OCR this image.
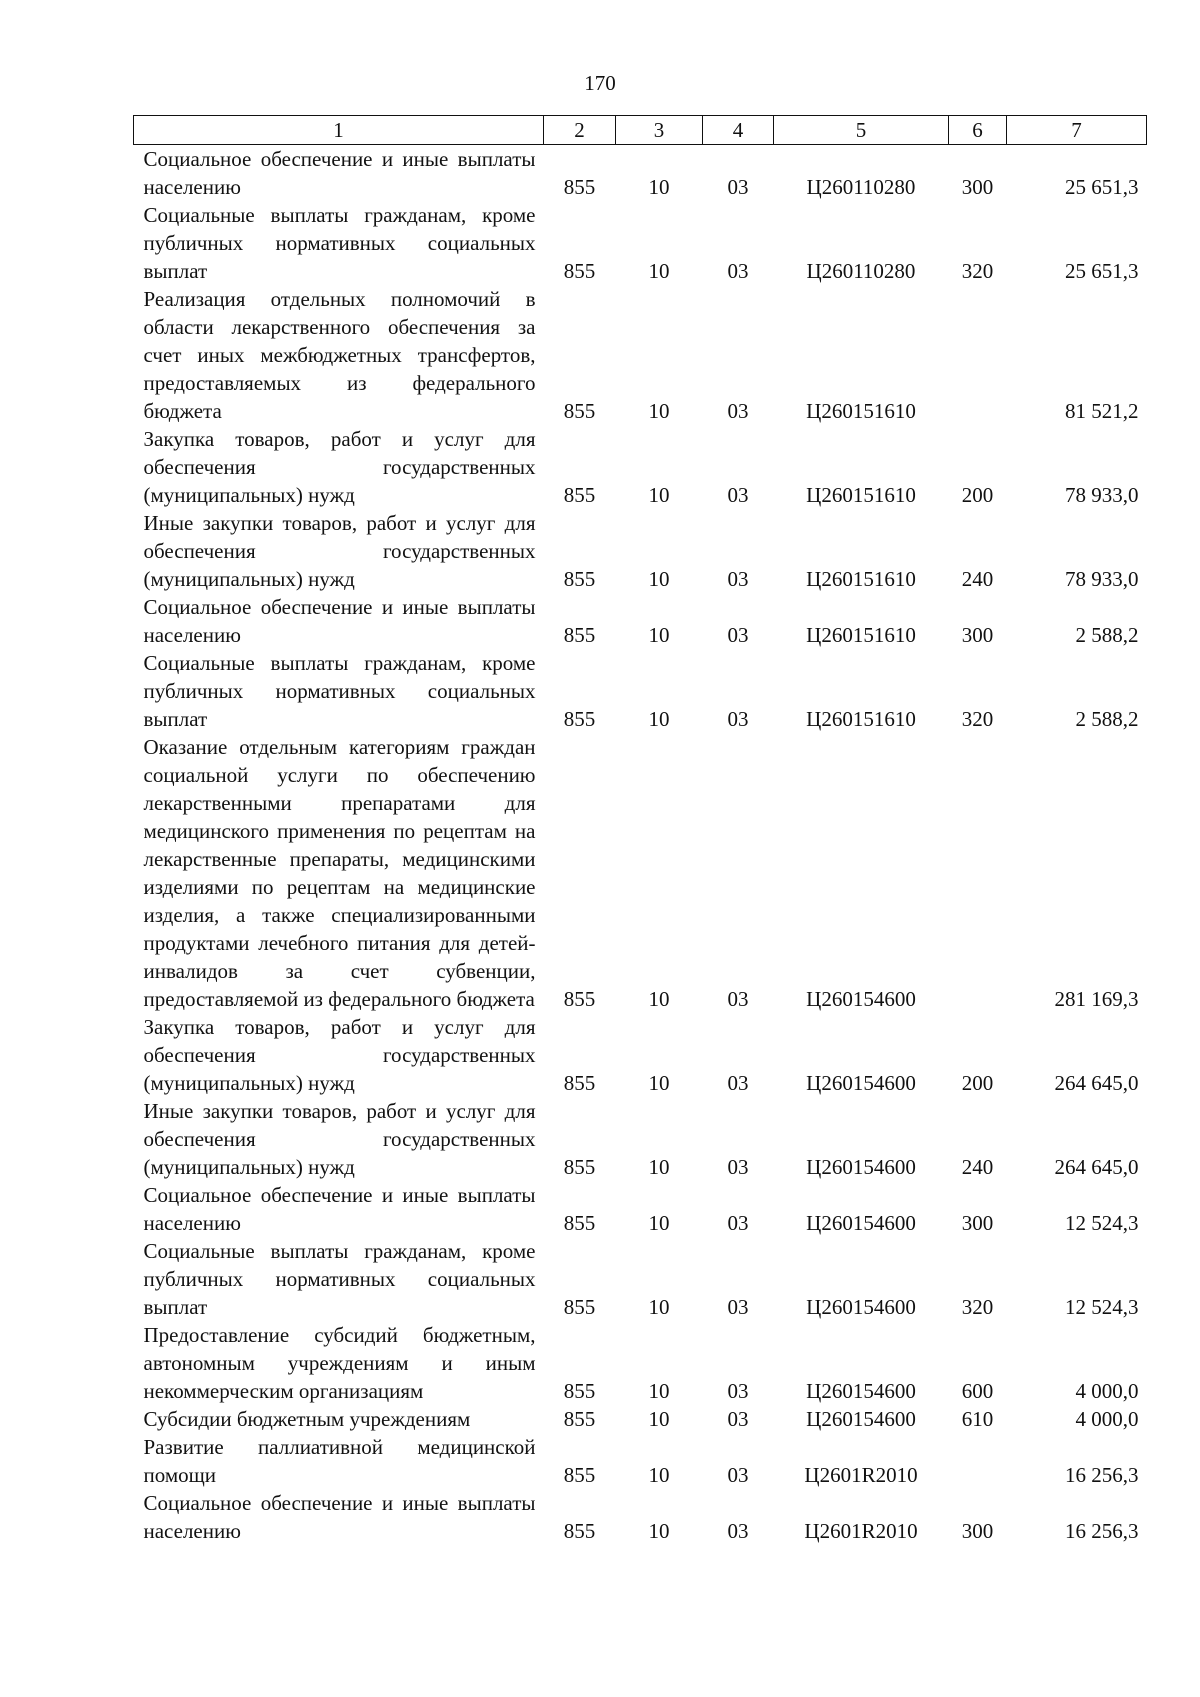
170
1	2	3	4	5	6	7
Социальное обеспечение и иные выплаты населению	855	10	03	Ц260110280	300	25 651,3
Социальные выплаты гражданам, кроме публичных нормативных социальных выплат	855	10	03	Ц260110280	320	25 651,3
Реализация отдельных полномочий в области лекарственного обеспечения за счет иных межбюджетных трансфертов, предоставляемых из федерального бюджета	855	10	03	Ц260151610		81 521,2
Закупка товаров, работ и услуг для обеспечения государственных (муниципальных) нужд	855	10	03	Ц260151610	200	78 933,0
Иные закупки товаров, работ и услуг для обеспечения государственных (муниципальных) нужд	855	10	03	Ц260151610	240	78 933,0
Социальное обеспечение и иные выплаты населению	855	10	03	Ц260151610	300	2 588,2
Социальные выплаты гражданам, кроме публичных нормативных социальных выплат	855	10	03	Ц260151610	320	2 588,2
Оказание отдельным категориям граждан социальной услуги по обеспечению лекарственными препаратами для медицинского применения по рецептам на лекарственные препараты, медицинскими изделиями по рецептам на медицинские изделия, а также специализированными продуктами лечебного питания для детей-инвалидов за счет субвенции, предоставляемой из федерального бюджета	855	10	03	Ц260154600		281 169,3
Закупка товаров, работ и услуг для обеспечения государственных (муниципальных) нужд	855	10	03	Ц260154600	200	264 645,0
Иные закупки товаров, работ и услуг для обеспечения государственных (муниципальных) нужд	855	10	03	Ц260154600	240	264 645,0
Социальное обеспечение и иные выплаты населению	855	10	03	Ц260154600	300	12 524,3
Социальные выплаты гражданам, кроме публичных нормативных социальных выплат	855	10	03	Ц260154600	320	12 524,3
Предоставление субсидий бюджетным, автономным учреждениям и иным некоммерческим организациям	855	10	03	Ц260154600	600	4 000,0
Субсидии бюджетным учреждениям	855	10	03	Ц260154600	610	4 000,0
Развитие паллиативной медицинской помощи	855	10	03	Ц2601R2010		16 256,3
Социальное обеспечение и иные выплаты населению	855	10	03	Ц2601R2010	300	16 256,3
